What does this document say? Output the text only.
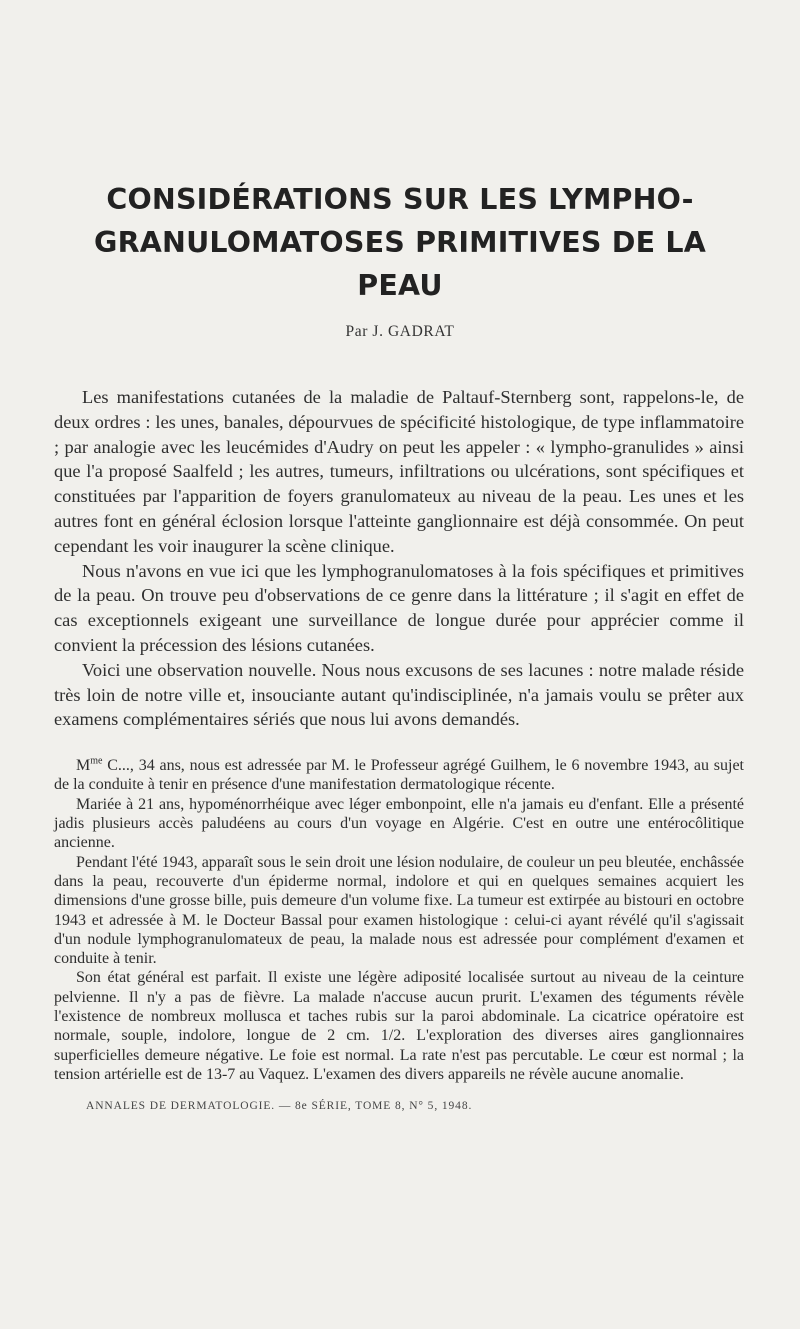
CONSIDÉRATIONS SUR LES LYMPHO-
GRANULOMATOSES PRIMITIVES DE LA PEAU
Par J. GADRAT

Les manifestations cutanées de la maladie de Paltauf-Sternberg sont, rappelons-le, de deux ordres : les unes, banales, dépourvues de spécificité histologique, de type inflammatoire ; par analogie avec les leucémides d'Audry on peut les appeler : « lympho-granulides » ainsi que l'a proposé Saalfeld ; les autres, tumeurs, infiltrations ou ulcérations, sont spécifiques et constituées par l'apparition de foyers granulomateux au niveau de la peau. Les unes et les autres font en général éclosion lorsque l'atteinte ganglionnaire est déjà consommée. On peut cependant les voir inaugurer la scène clinique.

Nous n'avons en vue ici que les lymphogranulomatoses à la fois spécifiques et primitives de la peau. On trouve peu d'observations de ce genre dans la littérature ; il s'agit en effet de cas exceptionnels exigeant une surveillance de longue durée pour apprécier comme il convient la précession des lésions cutanées.

Voici une observation nouvelle. Nous nous excusons de ses lacunes : notre malade réside très loin de notre ville et, insouciante autant qu'indisciplinée, n'a jamais voulu se prêter aux examens complémentaires sériés que nous lui avons demandés.

$M^{me}$ C..., 34 ans, nous est adressée par M. le Professeur agrégé Guilhem, le 6 novembre 1943, au sujet de la conduite à tenir en présence d'une manifestation dermatologique récente.

Mariée à 21 ans, hypoménorrhéique avec léger embonpoint, elle n'a jamais eu d'enfant. Elle a présenté jadis plusieurs accès paludéens au cours d'un voyage en Algérie. C'est en outre une entérocôlitique ancienne.

Pendant l'été 1943, apparaît sous le sein droit une lésion nodulaire, de couleur un peu bleutée, enchâssée dans la peau, recouverte d'un épiderme normal, indolore et qui en quelques semaines acquiert les dimensions d'une grosse bille, puis demeure d'un volume fixe. La tumeur est extirpée au bistouri en octobre 1943 et adressée à M. le Docteur Bassal pour examen histologique : celui-ci ayant révélé qu'il s'agissait d'un nodule lymphogranulomateux de peau, la malade nous est adressée pour complément d'examen et conduite à tenir.

Son état général est parfait. Il existe une légère adiposité localisée surtout au niveau de la ceinture pelvienne. Il n'y a pas de fièvre. La malade n'accuse aucun prurit. L'examen des téguments révèle l'existence de nombreux mollusca et taches rubis sur la paroi abdominale. La cicatrice opératoire est normale, souple, indolore, longue de 2 cm. 1/2. L'exploration des diverses aires ganglionnaires superficielles demeure négative. Le foie est normal. La rate n'est pas percutable. Le cœur est normal ; la tension artérielle est de 13-7 au Vaquez. L'examen des divers appareils ne révèle aucune anomalie.

ANNALES DE DERMATOLOGIE. — 8e SÉRIE, TOME 8, N° 5, 1948.
